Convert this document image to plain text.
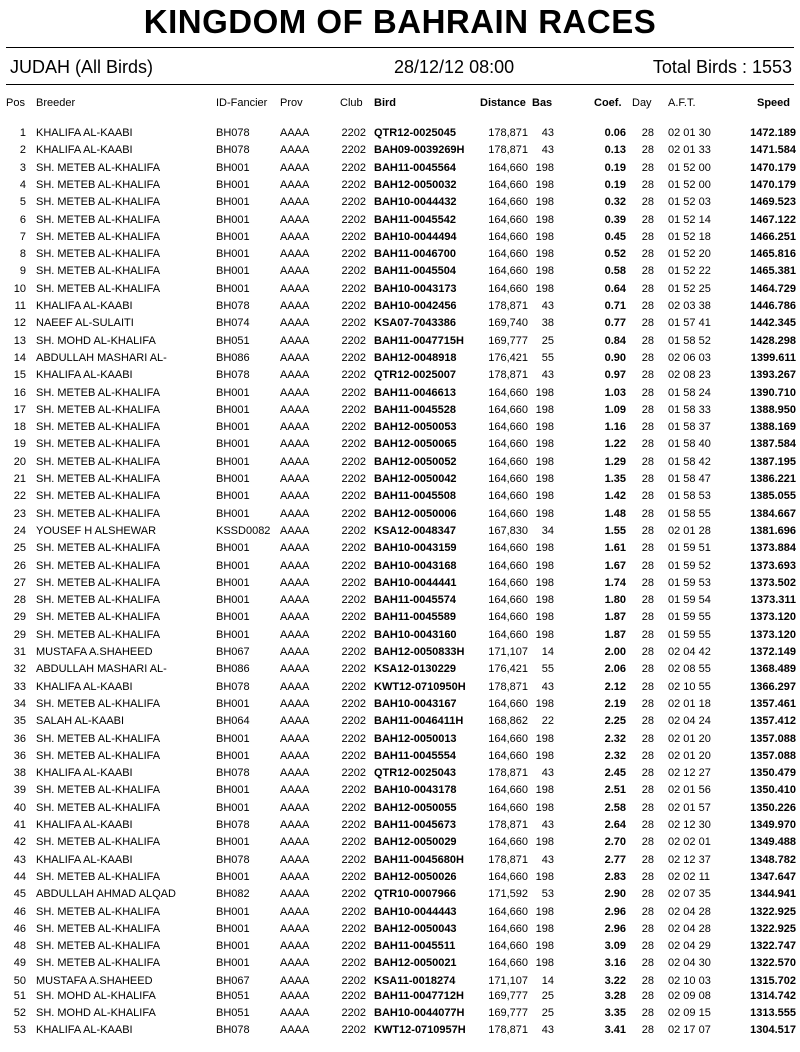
KINGDOM OF BAHRAIN RACES
JUDAH (All Birds)	28/12/12 08:00	Total Birds : 1553
Pos Breeder	ID-Fancier Prov	Club Bird	Distance Bas	Coef. Day A.F.T.	Speed
1 KHALIFA AL-KAABI	BH078	AAAA	2202 QTR12-0025045	178,871	43	0.06	28 02 01 30	1472.189
2 KHALIFA AL-KAABI	BH078	AAAA	2202 BAH09-0039269H	178,871	43	0.13	28 02 01 33	1471.584
3 SH. METEB AL-KHALIFA	BH001	AAAA	2202 BAH11-0045564	164,660 198	0.19	28 01 52 00	1470.179
4 SH. METEB AL-KHALIFA	BH001	AAAA	2202 BAH12-0050032	164,660 198	0.19	28 01 52 00	1470.179
5 SH. METEB AL-KHALIFA	BH001	AAAA	2202 BAH10-0044432	164,660 198	0.32	28 01 52 03	1469.523
6 SH. METEB AL-KHALIFA	BH001	AAAA	2202 BAH11-0045542	164,660 198	0.39	28 01 52 14	1467.122
7 SH. METEB AL-KHALIFA	BH001	AAAA	2202 BAH10-0044494	164,660 198	0.45	28 01 52 18	1466.251
8 SH. METEB AL-KHALIFA	BH001	AAAA	2202 BAH11-0046700	164,660 198	0.52	28 01 52 20	1465.816
9 SH. METEB AL-KHALIFA	BH001	AAAA	2202 BAH11-0045504	164,660 198	0.58	28 01 52 22	1465.381
10 SH. METEB AL-KHALIFA	BH001	AAAA	2202 BAH10-0043173	164,660 198	0.64	28 01 52 25	1464.729
11 KHALIFA AL-KAABI	BH078	AAAA	2202 BAH10-0042456	178,871	43	0.71	28 02 03 38	1446.786
12 NAEEF AL-SULAITI	BH074	AAAA	2202 KSA07-7043386	169,740	38	0.77	28 01 57 41	1442.345
13 SH. MOHD AL-KHALIFA	BH051	AAAA	2202 BAH11-0047715H	169,777	25	0.84	28 01 58 52	1428.298
14 ABDULLAH MASHARI AL-	BH086	AAAA	2202 BAH12-0048918	176,421	55	0.90	28 02 06 03	1399.611
15 KHALIFA AL-KAABI	BH078	AAAA	2202 QTR12-0025007	178,871	43	0.97	28 02 08 23	1393.267
16 SH. METEB AL-KHALIFA	BH001	AAAA	2202 BAH11-0046613	164,660 198	1.03	28 01 58 24	1390.710
17 SH. METEB AL-KHALIFA	BH001	AAAA	2202 BAH11-0045528	164,660 198	1.09	28 01 58 33	1388.950
18 SH. METEB AL-KHALIFA	BH001	AAAA	2202 BAH12-0050053	164,660 198	1.16	28 01 58 37	1388.169
19 SH. METEB AL-KHALIFA	BH001	AAAA	2202 BAH12-0050065	164,660 198	1.22	28 01 58 40	1387.584
20 SH. METEB AL-KHALIFA	BH001	AAAA	2202 BAH12-0050052	164,660 198	1.29	28 01 58 42	1387.195
21 SH. METEB AL-KHALIFA	BH001	AAAA	2202 BAH12-0050042	164,660 198	1.35	28 01 58 47	1386.221
22 SH. METEB AL-KHALIFA	BH001	AAAA	2202 BAH11-0045508	164,660 198	1.42	28 01 58 53	1385.055
23 SH. METEB AL-KHALIFA	BH001	AAAA	2202 BAH12-0050006	164,660 198	1.48	28 01 58 55	1384.667
24 YOUSEF H ALSHEWAR	KSSD0082 AAAA	2202 KSA12-0048347	167,830	34	1.55	28 02 01 28	1381.696
25 SH. METEB AL-KHALIFA	BH001	AAAA	2202 BAH10-0043159	164,660 198	1.61	28 01 59 51	1373.884
26 SH. METEB AL-KHALIFA	BH001	AAAA	2202 BAH10-0043168	164,660 198	1.67	28 01 59 52	1373.693
27 SH. METEB AL-KHALIFA	BH001	AAAA	2202 BAH10-0044441	164,660 198	1.74	28 01 59 53	1373.502
28 SH. METEB AL-KHALIFA	BH001	AAAA	2202 BAH11-0045574	164,660 198	1.80	28 01 59 54	1373.311
29 SH. METEB AL-KHALIFA	BH001	AAAA	2202 BAH11-0045589	164,660 198	1.87	28 01 59 55	1373.120
29 SH. METEB AL-KHALIFA	BH001	AAAA	2202 BAH10-0043160	164,660 198	1.87	28 01 59 55	1373.120
31 MUSTAFA A.SHAHEED	BH067	AAAA	2202 BAH12-0050833H	171,107	14	2.00	28 02 04 42	1372.149
32 ABDULLAH MASHARI AL-	BH086	AAAA	2202 KSA12-0130229	176,421	55	2.06	28 02 08 55	1368.489
33 KHALIFA AL-KAABI	BH078	AAAA	2202 KWT12-0710950H	178,871	43	2.12	28 02 10 55	1366.297
34 SH. METEB AL-KHALIFA	BH001	AAAA	2202 BAH10-0043167	164,660 198	2.19	28 02 01 18	1357.461
35 SALAH AL-KAABI	BH064	AAAA	2202 BAH11-0046411H	168,862	22	2.25	28 02 04 24	1357.412
36 SH. METEB AL-KHALIFA	BH001	AAAA	2202 BAH12-0050013	164,660 198	2.32	28 02 01 20	1357.088
36 SH. METEB AL-KHALIFA	BH001	AAAA	2202 BAH11-0045554	164,660 198	2.32	28 02 01 20	1357.088
38 KHALIFA AL-KAABI	BH078	AAAA	2202 QTR12-0025043	178,871	43	2.45	28 02 12 27	1350.479
39 SH. METEB AL-KHALIFA	BH001	AAAA	2202 BAH10-0043178	164,660 198	2.51	28 02 01 56	1350.410
40 SH. METEB AL-KHALIFA	BH001	AAAA	2202 BAH12-0050055	164,660 198	2.58	28 02 01 57	1350.226
41 KHALIFA AL-KAABI	BH078	AAAA	2202 BAH11-0045673	178,871	43	2.64	28 02 12 30	1349.970
42 SH. METEB AL-KHALIFA	BH001	AAAA	2202 BAH12-0050029	164,660 198	2.70	28 02 02 01	1349.488
43 KHALIFA AL-KAABI	BH078	AAAA	2202 BAH11-0045680H	178,871	43	2.77	28 02 12 37	1348.782
44 SH. METEB AL-KHALIFA	BH001	AAAA	2202 BAH12-0050026	164,660 198	2.83	28 02 02 11	1347.647
45 ABDULLAH AHMAD ALQAD	BH082	AAAA	2202 QTR10-0007966	171,592	53	2.90	28 02 07 35	1344.941
46 SH. METEB AL-KHALIFA	BH001	AAAA	2202 BAH10-0044443	164,660 198	2.96	28 02 04 28	1322.925
46 SH. METEB AL-KHALIFA	BH001	AAAA	2202 BAH12-0050043	164,660 198	2.96	28 02 04 28	1322.925
48 SH. METEB AL-KHALIFA	BH001	AAAA	2202 BAH11-0045511	164,660 198	3.09	28 02 04 29	1322.747
49 SH. METEB AL-KHALIFA	BH001	AAAA	2202 BAH12-0050021	164,660 198	3.16	28 02 04 30	1322.570
50 MUSTAFA A.SHAHEED	BH067	AAAA	2202 KSA11-0018274	171,107	14	3.22	28 02 10 03	1315.702
51 SH. MOHD AL-KHALIFA	BH051	AAAA	2202 BAH11-0047712H	169,777	25	3.28	28 02 09 08	1314.742
52 SH. MOHD AL-KHALIFA	BH051	AAAA	2202 BAH10-0044077H	169,777	25	3.35	28 02 09 15	1313.555
53 KHALIFA AL-KAABI	BH078	AAAA	2202 KWT12-0710957H	178,871	43	3.41	28 02 17 07	1304.517
